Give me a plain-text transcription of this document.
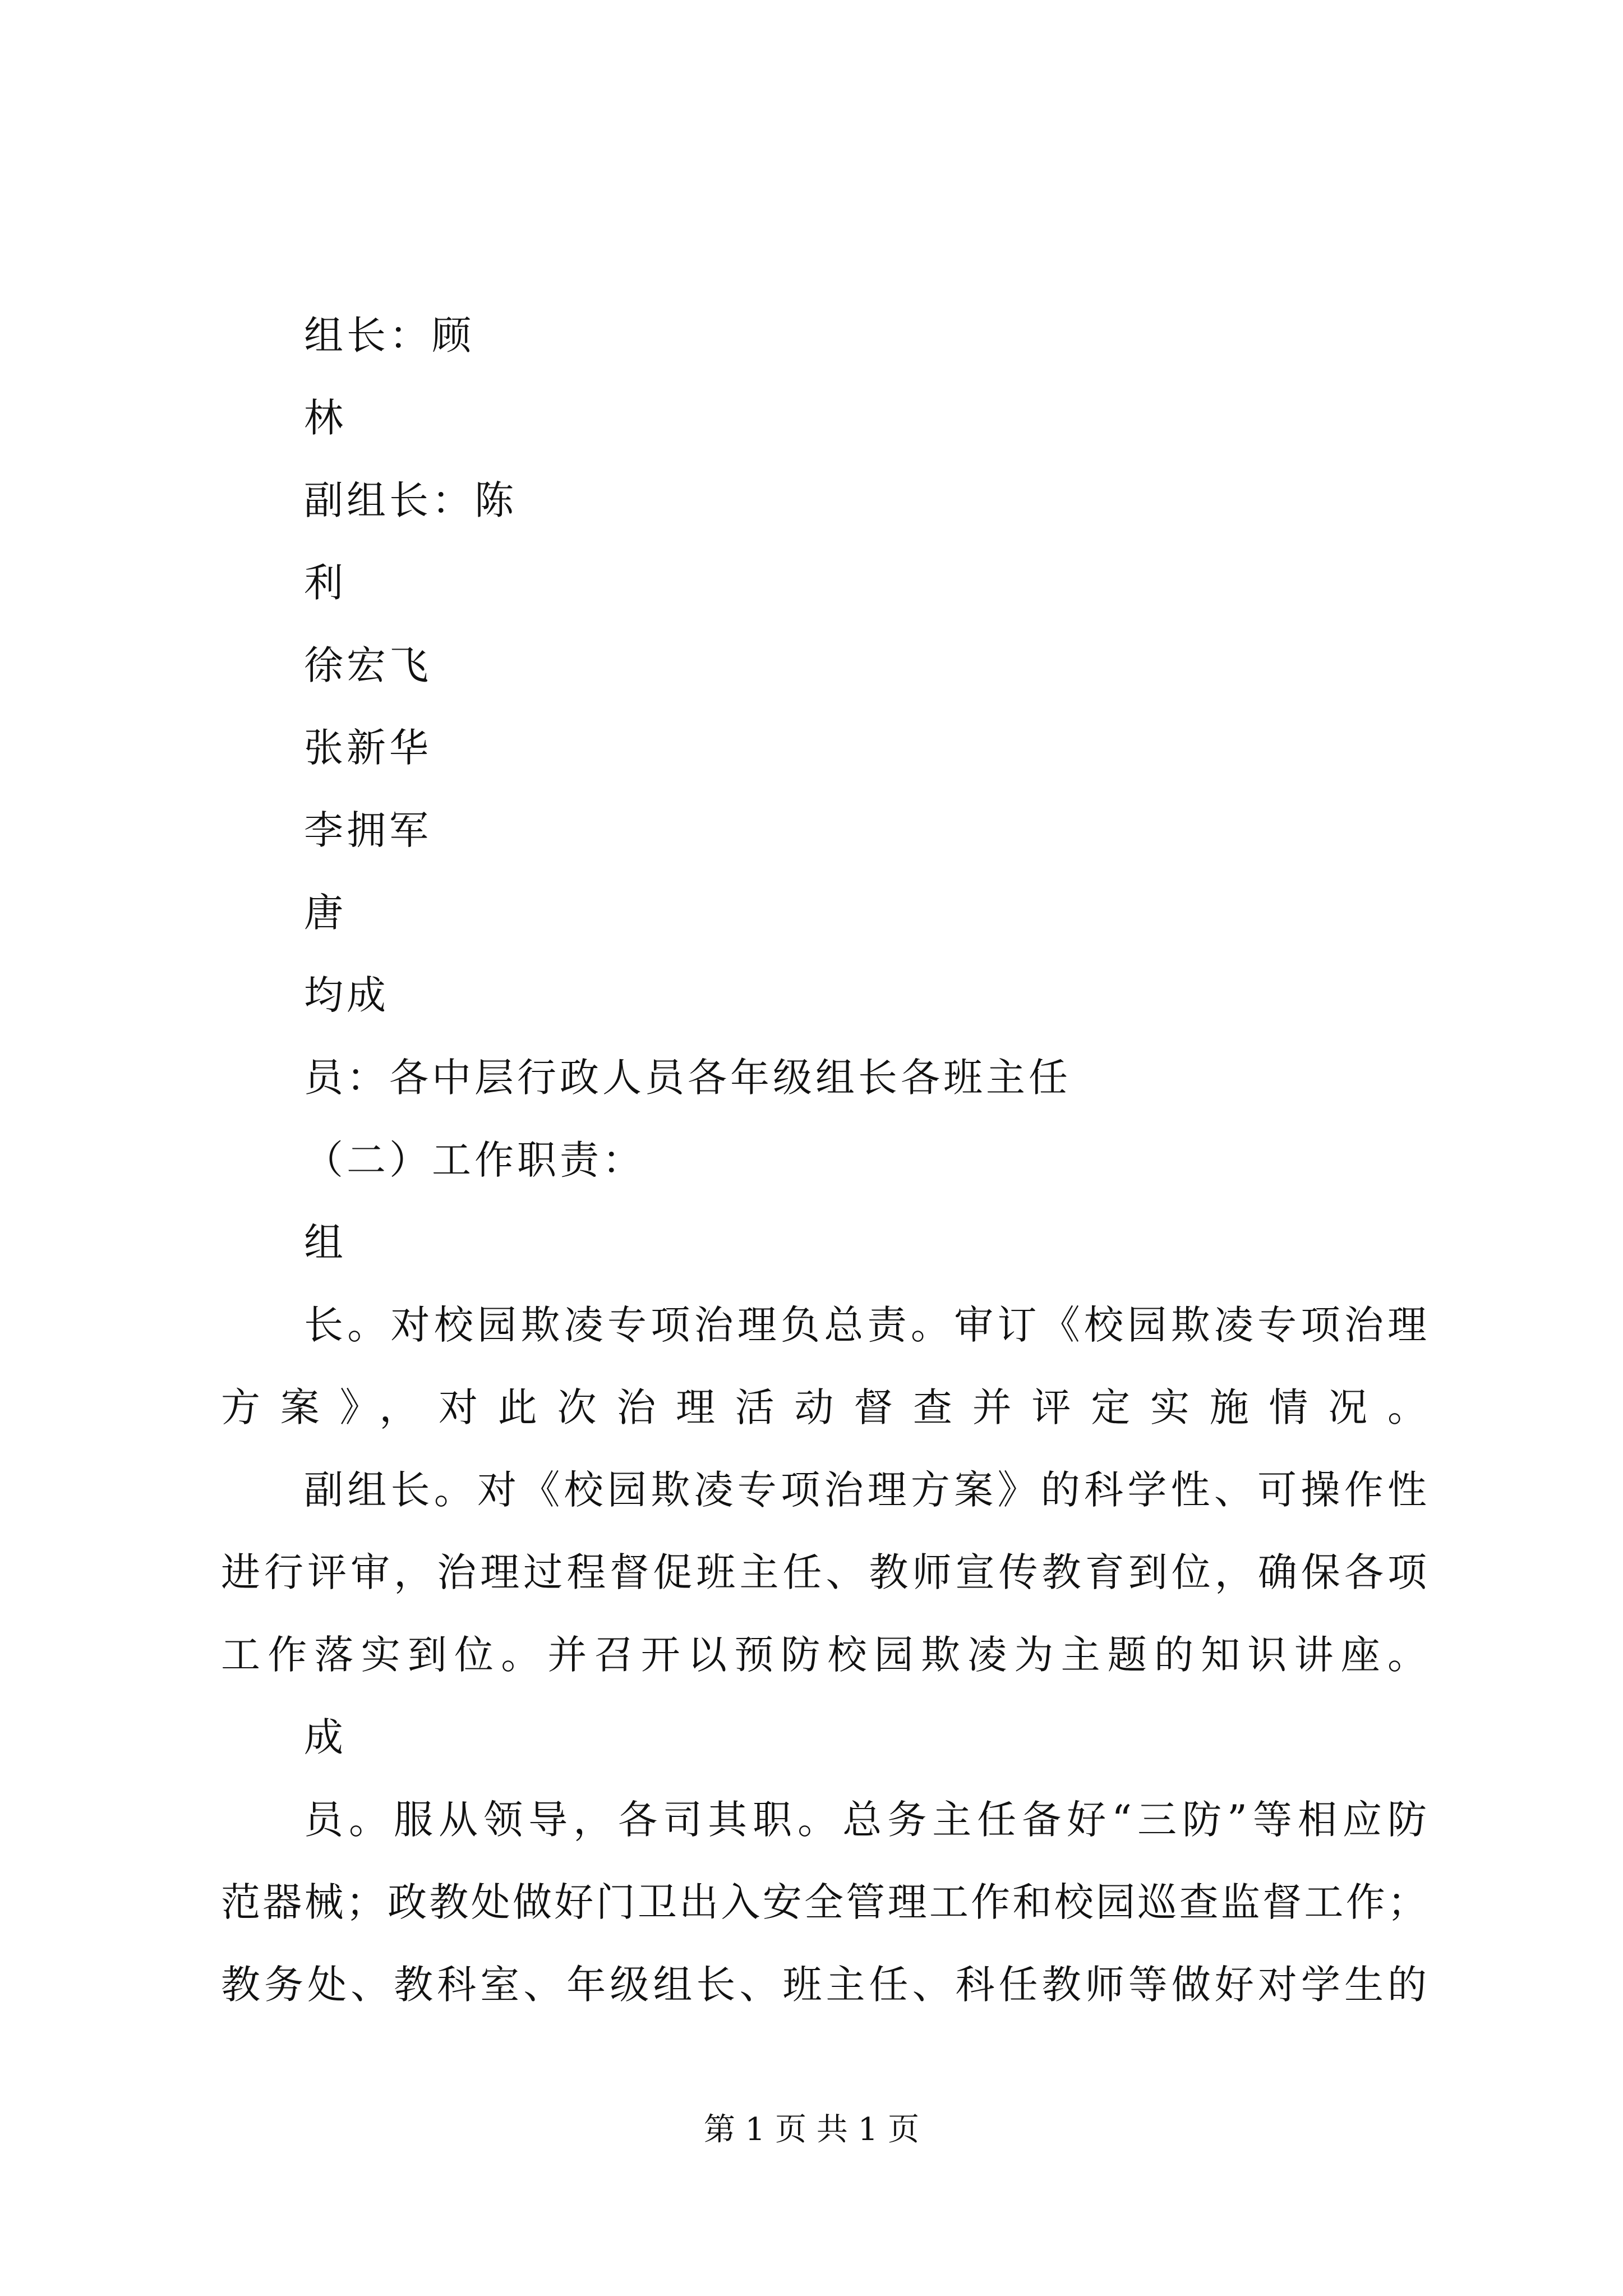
组长：顾
林
副组长：陈
利
徐宏飞
张新华
李拥军
唐
均成
员：各中层行政人员各年级组长各班主任
（二）工作职责：
组
长。对校园欺凌专项治理负总责。审订《校园欺凌专项治理
方案》，对此次治理活动督查并评定实施情况。
副组长。对《校园欺凌专项治理方案》的科学性、可操作性
进行评审，治理过程督促班主任、教师宣传教育到位，确保各项
工作落实到位。并召开以预防校园欺凌为主题的知识讲座。
成
员。服从领导，各司其职。总务主任备好“三防”等相应防
范器械；政教处做好门卫出入安全管理工作和校园巡查监督工作；
教务处、教科室、年级组长、班主任、科任教师等做好对学生的
第 1 页 共 1 页
